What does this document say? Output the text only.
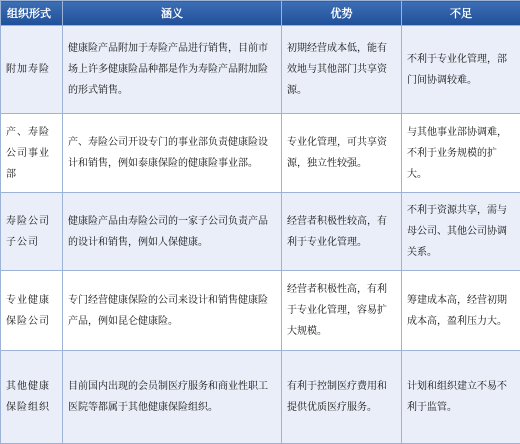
组织形式	涵义	优势	不足
附加寿险	健康险产品附加于寿险产品进行销售，目前市场上许多健康险品种都是作为寿险产品附加险的形式销售。	初期经营成本低，能有效地与其他部门共享资源。	不利于专业化管理，部门间协调较难。
产、寿险公司事业部	产、寿险公司开设专门的事业部负责健康险设计和销售，例如泰康保险的健康险事业部。	专业化管理，可共享资源，独立性较强。	与其他事业部协调难，不利于业务规模的扩大。
寿险公司子公司	健康险产品由寿险公司的一家子公司负责产品的设计和销售，例如人保健康。	经营者积极性较高，有利于专业化管理。	不利于资源共享，需与母公司、其他公司协调关系。
专业健康保险公司	专门经营健康保险的公司来设计和销售健康险产品，例如昆仑健康险。	经营者积极性高，有利于专业化管理，容易扩大规模。	筹建成本高，经营初期成本高，盈利压力大。
其他健康保险组织	目前国内出现的会员制医疗服务和商业性职工医院等都属于其他健康保险组织。	有利于控制医疗费用和提供优质医疗服务。	计划和组织建立不易不利于监管。
